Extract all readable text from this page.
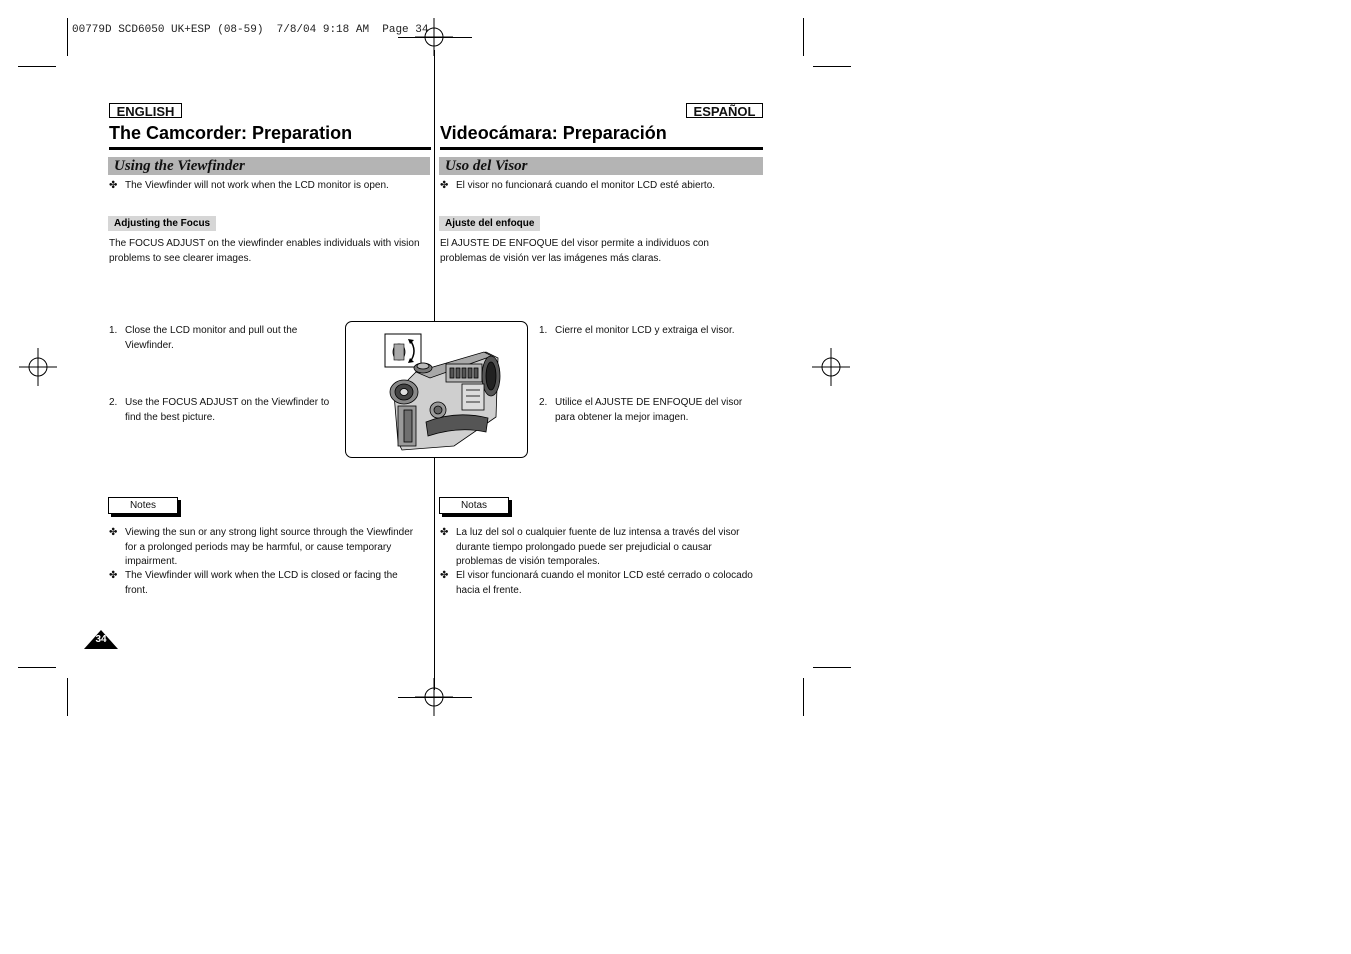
00779D SCD6050 UK+ESP (08-59)  7/8/04 9:18 AM  Page 34
ENGLISH
The Camcorder: Preparation
Using the Viewfinder
✤ The Viewfinder will not work when the LCD monitor is open.
Adjusting the Focus
The FOCUS ADJUST on the viewfinder enables individuals with vision
problems to see clearer images.
1. Close the LCD monitor and pull out the
Viewfinder.
2. Use the FOCUS ADJUST on the Viewfinder to
find the best picture.
Notes
✤ Viewing the sun or any strong light source through the Viewfinder
for a prolonged periods may be harmful, or cause temporary
impairment.
✤ The Viewfinder will work when the LCD is closed or facing the
front.
34
ESPAÑOL
Videocámara: Preparación
Uso del Visor
✤ El visor no funcionará cuando el monitor LCD esté abierto.
Ajuste del enfoque
El AJUSTE DE ENFOQUE del visor permite a individuos con
problemas de visión ver las imágenes más claras.
1. Cierre el monitor LCD y extraiga el visor.
2. Utilice el AJUSTE DE ENFOQUE del visor
para obtener la mejor imagen.
Notas
✤ La luz del sol o cualquier fuente de luz intensa a través del visor
durante tiempo prolongado puede ser prejudicial o causar
problemas de visión temporales.
✤ El visor funcionará cuando el monitor LCD esté cerrado o colocado
hacia el frente.
